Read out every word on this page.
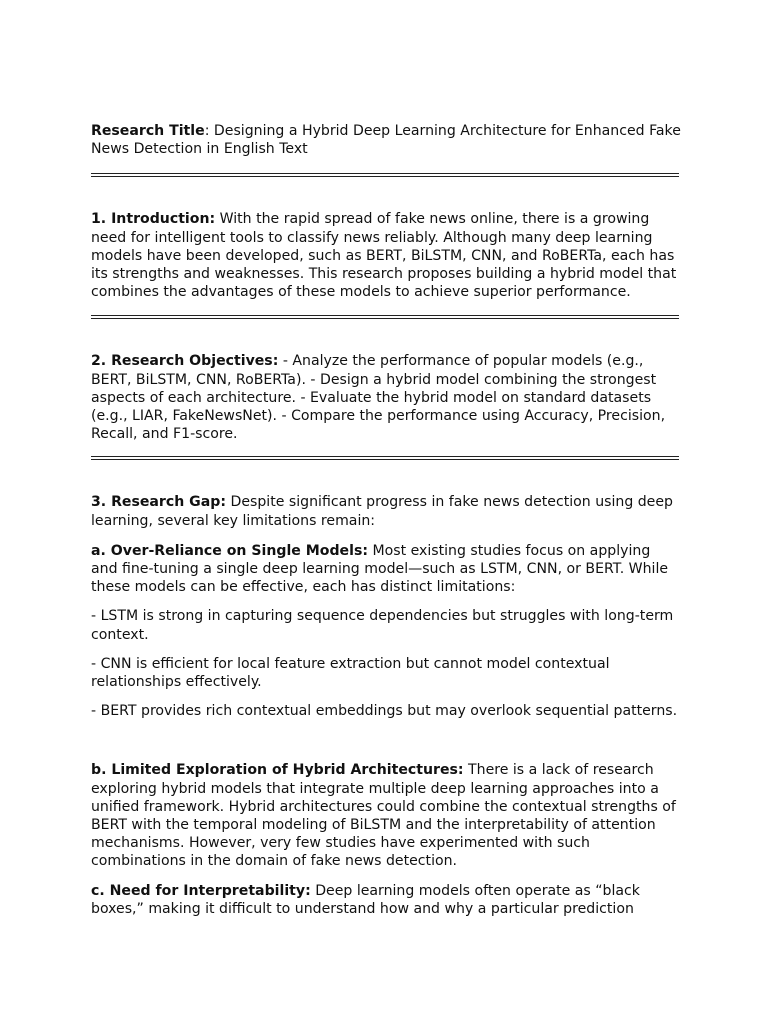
Research Title: Designing a Hybrid Deep Learning Architecture for Enhanced Fake News Detection in English Text

1. Introduction: With the rapid spread of fake news online, there is a growing need for intelligent tools to classify news reliably. Although many deep learning models have been developed, such as BERT, BiLSTM, CNN, and RoBERTa, each has its strengths and weaknesses. This research proposes building a hybrid model that combines the advantages of these models to achieve superior performance.

2. Research Objectives: - Analyze the performance of popular models (e.g., BERT, BiLSTM, CNN, RoBERTa). - Design a hybrid model combining the strongest aspects of each architecture. - Evaluate the hybrid model on standard datasets (e.g., LIAR, FakeNewsNet). - Compare the performance using Accuracy, Precision, Recall, and F1-score.

3. Research Gap: Despite significant progress in fake news detection using deep learning, several key limitations remain:

a. Over-Reliance on Single Models: Most existing studies focus on applying and fine-tuning a single deep learning model—such as LSTM, CNN, or BERT. While these models can be effective, each has distinct limitations:

- LSTM is strong in capturing sequence dependencies but struggles with long-term context.

- CNN is efficient for local feature extraction but cannot model contextual relationships effectively.

- BERT provides rich contextual embeddings but may overlook sequential patterns.

b. Limited Exploration of Hybrid Architectures: There is a lack of research exploring hybrid models that integrate multiple deep learning approaches into a unified framework. Hybrid architectures could combine the contextual strengths of BERT with the temporal modeling of BiLSTM and the interpretability of attention mechanisms. However, very few studies have experimented with such combinations in the domain of fake news detection.

c. Need for Interpretability: Deep learning models often operate as “black boxes,” making it difficult to understand how and why a particular prediction
